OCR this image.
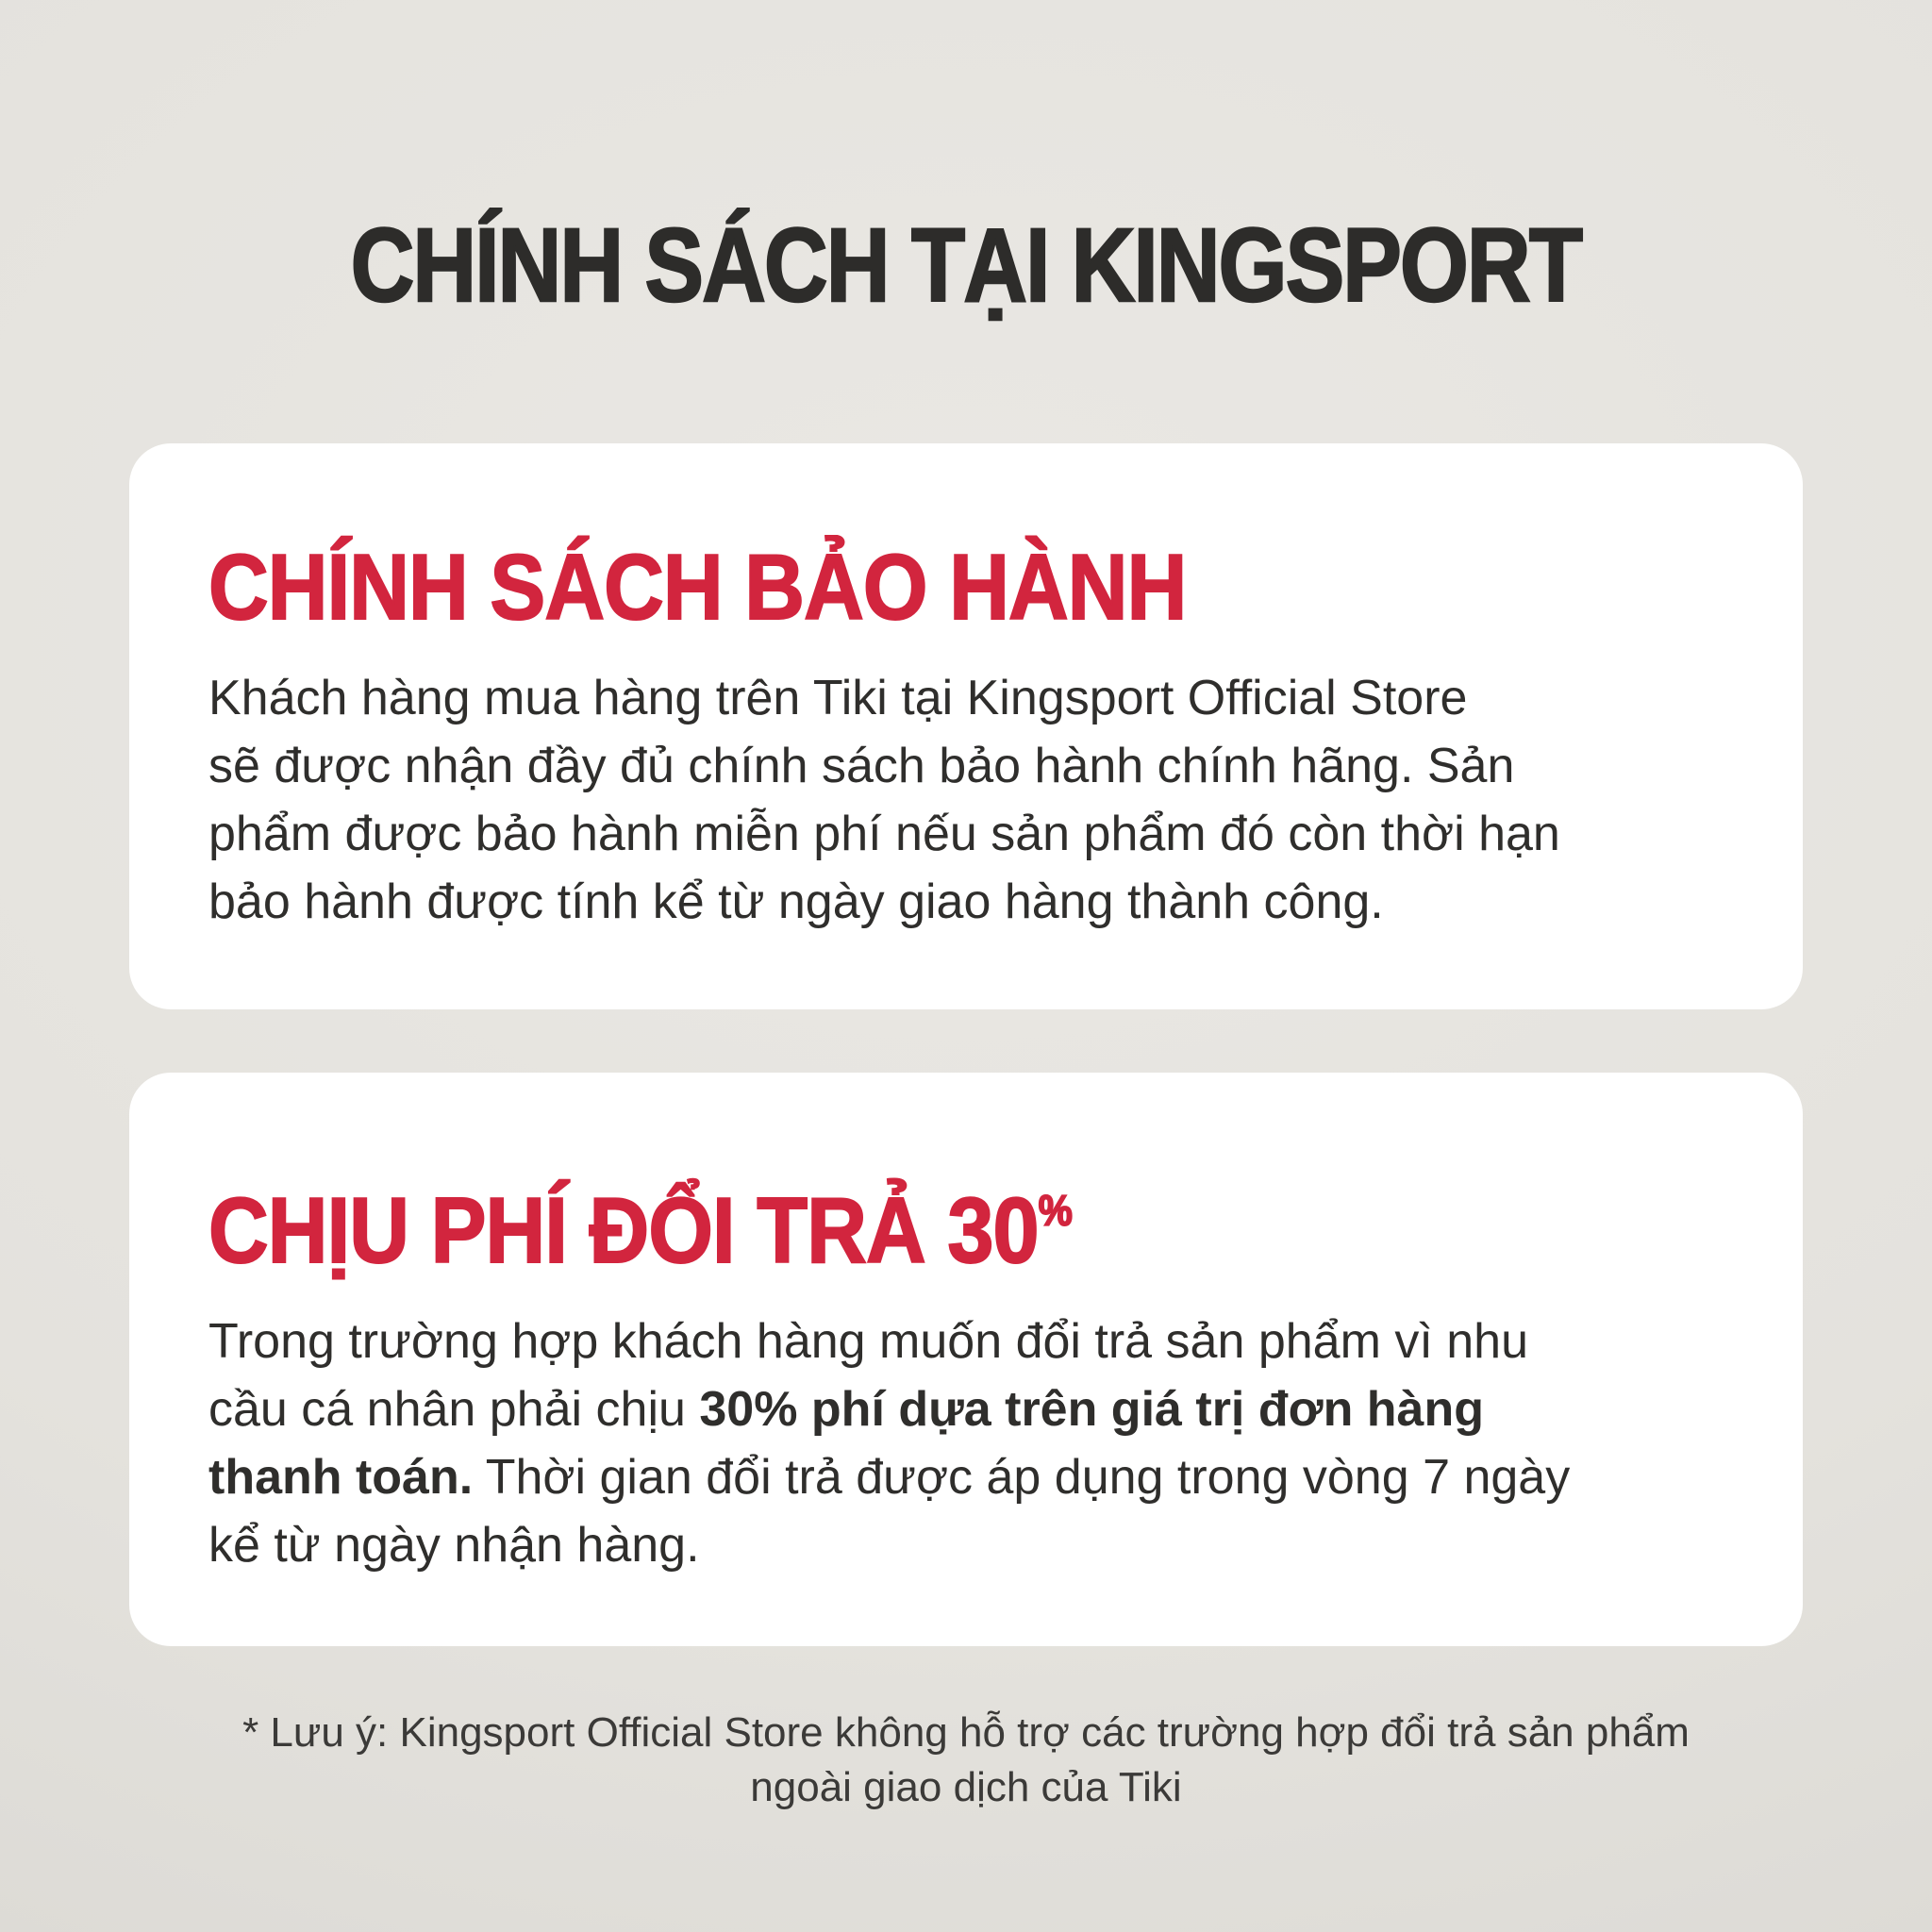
CHÍNH SÁCH TẠI KINGSPORT
CHÍNH SÁCH BẢO HÀNH
Khách hàng mua hàng trên Tiki tại Kingsport Official Store
sẽ được nhận đầy đủ chính sách bảo hành chính hãng. Sản
phẩm được bảo hành miễn phí nếu sản phẩm đó còn thời hạn
bảo hành được tính kể từ ngày giao hàng thành công.
CHỊU PHÍ ĐỔI TRẢ 30%
Trong trường hợp khách hàng muốn đổi trả sản phẩm vì nhu
cầu cá nhân phải chịu 30% phí dựa trên giá trị đơn hàng
thanh toán. Thời gian đổi trả được áp dụng trong vòng 7 ngày
kể từ ngày nhận hàng.
* Lưu ý: Kingsport Official Store không hỗ trợ các trường hợp đổi trả sản phẩm
ngoài giao dịch của Tiki
